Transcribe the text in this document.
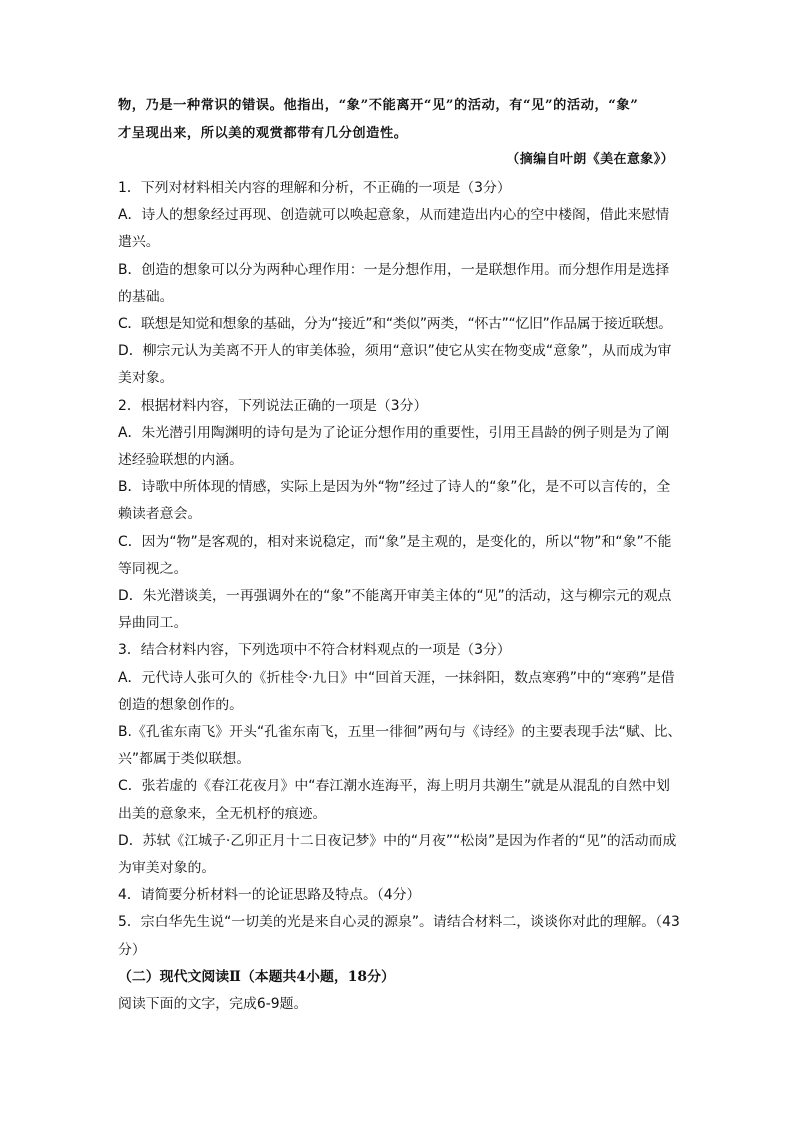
物，乃是一种常识的错误。他指出，“象”不能离开“见”的活动，有“见”的活动，“象”

才呈现出来，所以美的观赏都带有几分创造性。

（摘编自叶朗《美在意象》）

1．下列对材料相关内容的理解和分析，不正确的一项是（3分）

A．诗人的想象经过再现、创造就可以唤起意象，从而建造出内心的空中楼阁，借此来慰情

遣兴。

B．创造的想象可以分为两种心理作用：一是分想作用，一是联想作用。而分想作用是选择

的基础。

C．联想是知觉和想象的基础，分为“接近”和“类似”两类，“怀古”“忆旧”作品属于接近联想。

D．柳宗元认为美离不开人的审美体验，须用“意识”使它从实在物变成“意象”，从而成为审

美对象。

2．根据材料内容，下列说法正确的一项是（3分）

A．朱光潜引用陶渊明的诗句是为了论证分想作用的重要性，引用王昌龄的例子则是为了阐

述经验联想的内涵。

B．诗歌中所体现的情感，实际上是因为外“物”经过了诗人的“象”化，是不可以言传的，全

赖读者意会。

C．因为“物”是客观的，相对来说稳定，而“象”是主观的，是变化的，所以“物”和“象”不能

等同视之。

D．朱光潜谈美，一再强调外在的“象”不能离开审美主体的“见”的活动，这与柳宗元的观点

异曲同工。

3．结合材料内容，下列选项中不符合材料观点的一项是（3分）

A．元代诗人张可久的《折桂令·九日》中“回首天涯，一抹斜阳，数点寒鸦”中的“寒鸦”是借

创造的想象创作的。

B.《孔雀东南飞》开头“孔雀东南飞，五里一徘徊”两句与《诗经》的主要表现手法“赋、比、

兴”都属于类似联想。

C．张若虚的《春江花夜月》中“春江潮水连海平，海上明月共潮生”就是从混乱的自然中划

出美的意象来，全无机杼的痕迹。

D．苏轼《江城子·乙卯正月十二日夜记梦》中的“月夜”“松岗”是因为作者的“见”的活动而成

为审美对象的。

4．请简要分析材料一的论证思路及特点。（4分）

5．宗白华先生说“一切美的光是来自心灵的源泉”。请结合材料二，谈谈你对此的理解。（43

分）

（二）现代文阅读Ⅱ（本题共4小题，18分）

阅读下面的文字，完成6-9题。
